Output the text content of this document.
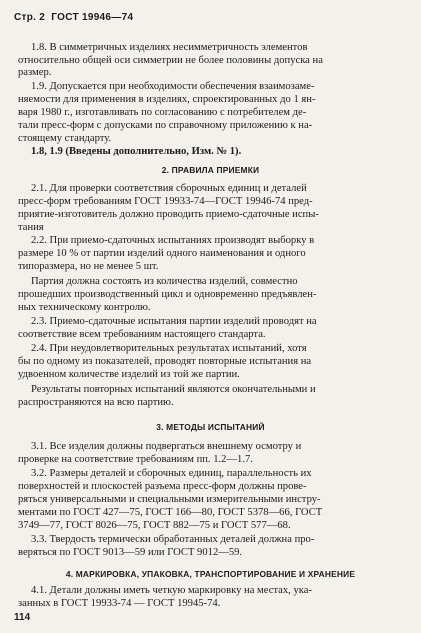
Стр. 2  ГОСТ 19946—74
1.8. В симметричных изделиях несимметричность элементов
относительно общей оси симметрии не более половины допуска на
размер.
1.9. Допускается при необходимости обеспечения взаимозаме-
няемости для применения в изделиях, спроектированных до 1 ян-
варя 1980 г., изготавливать по согласованию с потребителем де-
тали пресс-форм с допусками по справочному приложению к на-
стоящему стандарту.
1.8, 1.9 (Введены дополнительно, Изм. № 1).
2. ПРАВИЛА ПРИЕМКИ
2.1. Для проверки соответствия сборочных единиц и деталей
пресс-форм требованиям ГОСТ 19933-74—ГОСТ 19946-74 пред-
приятие-изготовитель должно проводить приемо-сдаточные испы-
тания
2.2. При приемо-сдаточных испытаниях производят выборку в
размере 10 % от партии изделий одного наименования и одного
типоразмера, но не менее 5 шт.
Партия должна состоять из количества изделий, совместно
прошедших производственный цикл и одновременно предъявлен-
ных техническому контролю.
2.3. Приемо-сдаточные испытания партии изделий проводят на
соответствие всем требованиям настоящего стандарта.
2.4. При неудовлетворительных результатах испытаний, хотя
бы по одному из показателей, проводят повторные испытания на
удвоенном количестве изделий из той же партии.
Результаты повторных испытаний являются окончательными и
распространяются на всю партию.
3. МЕТОДЫ ИСПЫТАНИЙ
3.1. Все изделия должны подвергаться внешнему осмотру и
проверке на соответствие требованиям пп. 1.2—1.7.
3.2. Размеры деталей и сборочных единиц, параллельность их
поверхностей и плоскостей разъема пресс-форм должны прове-
ряться универсальными и специальными измерительными инстру-
ментами по ГОСТ 427—75, ГОСТ 166—80, ГОСТ 5378—66, ГОСТ
3749—77, ГОСТ 8026—75, ГОСТ 882—75 и ГОСТ 577—68.
3.3. Твердость термически обработанных деталей должна про-
веряться по ГОСТ 9013—59 или ГОСТ 9012—59.
4. МАРКИРОВКА, УПАКОВКА, ТРАНСПОРТИРОВАНИЕ И ХРАНЕНИЕ
4.1. Детали должны иметь четкую маркировку на местах, ука-
занных в ГОСТ 19933-74 — ГОСТ 19945-74.
114
